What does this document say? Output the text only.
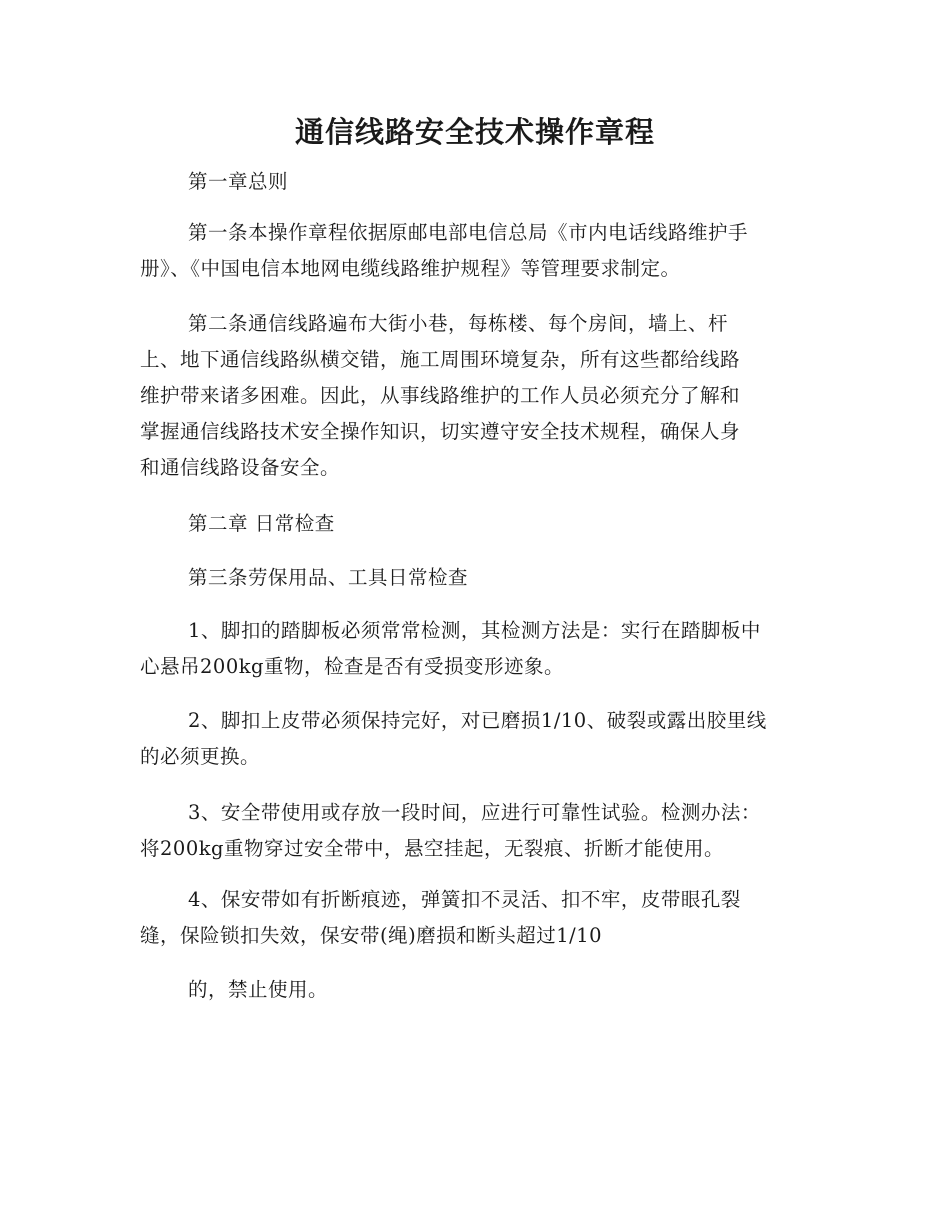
通信线路安全技术操作章程
第一章总则
第一条本操作章程依据原邮电部电信总局《市内电话线路维护手
册》、《中国电信本地网电缆线路维护规程》等管理要求制定。
第二条通信线路遍布大街小巷，每栋楼、每个房间，墙上、杆
上、地下通信线路纵横交错，施工周围环境复杂，所有这些都给线路
维护带来诸多困难。因此，从事线路维护的工作人员必须充分了解和
掌握通信线路技术安全操作知识，切实遵守安全技术规程，确保人身
和通信线路设备安全。
第二章 日常检查
第三条劳保用品、工具日常检查
1、脚扣的踏脚板必须常常检测，其检测方法是：实行在踏脚板中
心悬吊200kg重物，检查是否有受损变形迹象。
2、脚扣上皮带必须保持完好，对已磨损1/10、破裂或露出胶里线
的必须更换。
3、安全带使用或存放一段时间，应进行可靠性试验。检测办法：
将200kg重物穿过安全带中，悬空挂起，无裂痕、折断才能使用。
4、保安带如有折断痕迹，弹簧扣不灵活、扣不牢，皮带眼孔裂
缝，保险锁扣失效，保安带(绳)磨损和断头超过1/10
的，禁止使用。
